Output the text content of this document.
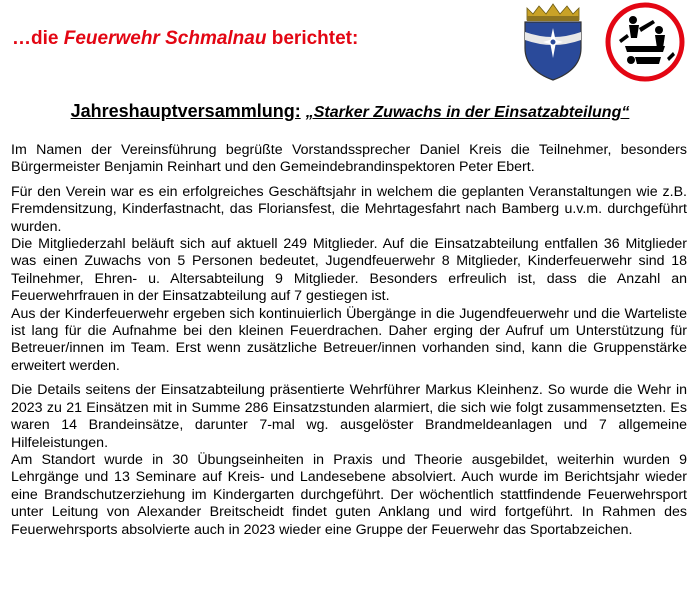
…die Feuerwehr Schmalnau berichtet:
Jahreshauptversammlung: „Starker Zuwachs in der Einsatzabteilung“

Im Namen der Vereinsführung begrüßte Vorstandssprecher Daniel Kreis die Teilnehmer, besonders Bürgermeister Benjamin Reinhart und den Gemeindebrandinspektoren Peter Ebert.

Für den Verein war es ein erfolgreiches Geschäftsjahr in welchem die geplanten Veranstaltungen wie z.B. Fremdensitzung, Kinderfastnacht, das Floriansfest, die Mehrtagesfahrt nach Bamberg u.v.m. durchgeführt wurden.

Die Mitgliederzahl beläuft sich auf aktuell 249 Mitglieder. Auf die Einsatzabteilung entfallen 36 Mitglieder was einen Zuwachs von 5 Personen bedeutet, Jugendfeuerwehr 8 Mitglieder, Kinderfeuerwehr sind 18 Teilnehmer, Ehren- u. Altersabteilung 9 Mitglieder. Besonders erfreulich ist, dass die Anzahl an Feuerwehrfrauen in der Einsatzabteilung auf 7 gestiegen ist.

Aus der Kinderfeuerwehr ergeben sich kontinuierlich Übergänge in die Jugendfeuerwehr und die Warteliste ist lang für die Aufnahme bei den kleinen Feuerdrachen. Daher erging der Aufruf um Unterstützung für Betreuer/innen im Team. Erst wenn zusätzliche Betreuer/innen vorhanden sind, kann die Gruppenstärke erweitert werden.

Die Details seitens der Einsatzabteilung präsentierte Wehrführer Markus Kleinhenz. So wurde die Wehr in 2023 zu 21 Einsätzen mit in Summe 286 Einsatzstunden alarmiert, die sich wie folgt zusammensetzten. Es waren 14 Brandeinsätze, darunter 7-mal wg. ausgelöster Brandmeldeanlagen und 7 allgemeine Hilfeleistungen.

Am Standort wurde in 30 Übungseinheiten in Praxis und Theorie ausgebildet, weiterhin wurden 9 Lehrgänge und 13 Seminare auf Kreis- und Landesebene absolviert. Auch wurde im Berichtsjahr wieder eine Brandschutzerziehung im Kindergarten durchgeführt. Der wöchentlich stattfindende Feuerwehrsport unter Leitung von Alexander Breitscheidt findet guten Anklang und wird fortgeführt. In Rahmen des Feuerwehrsports absolvierte auch in 2023 wieder eine Gruppe der Feuerwehr das Sportabzeichen.
